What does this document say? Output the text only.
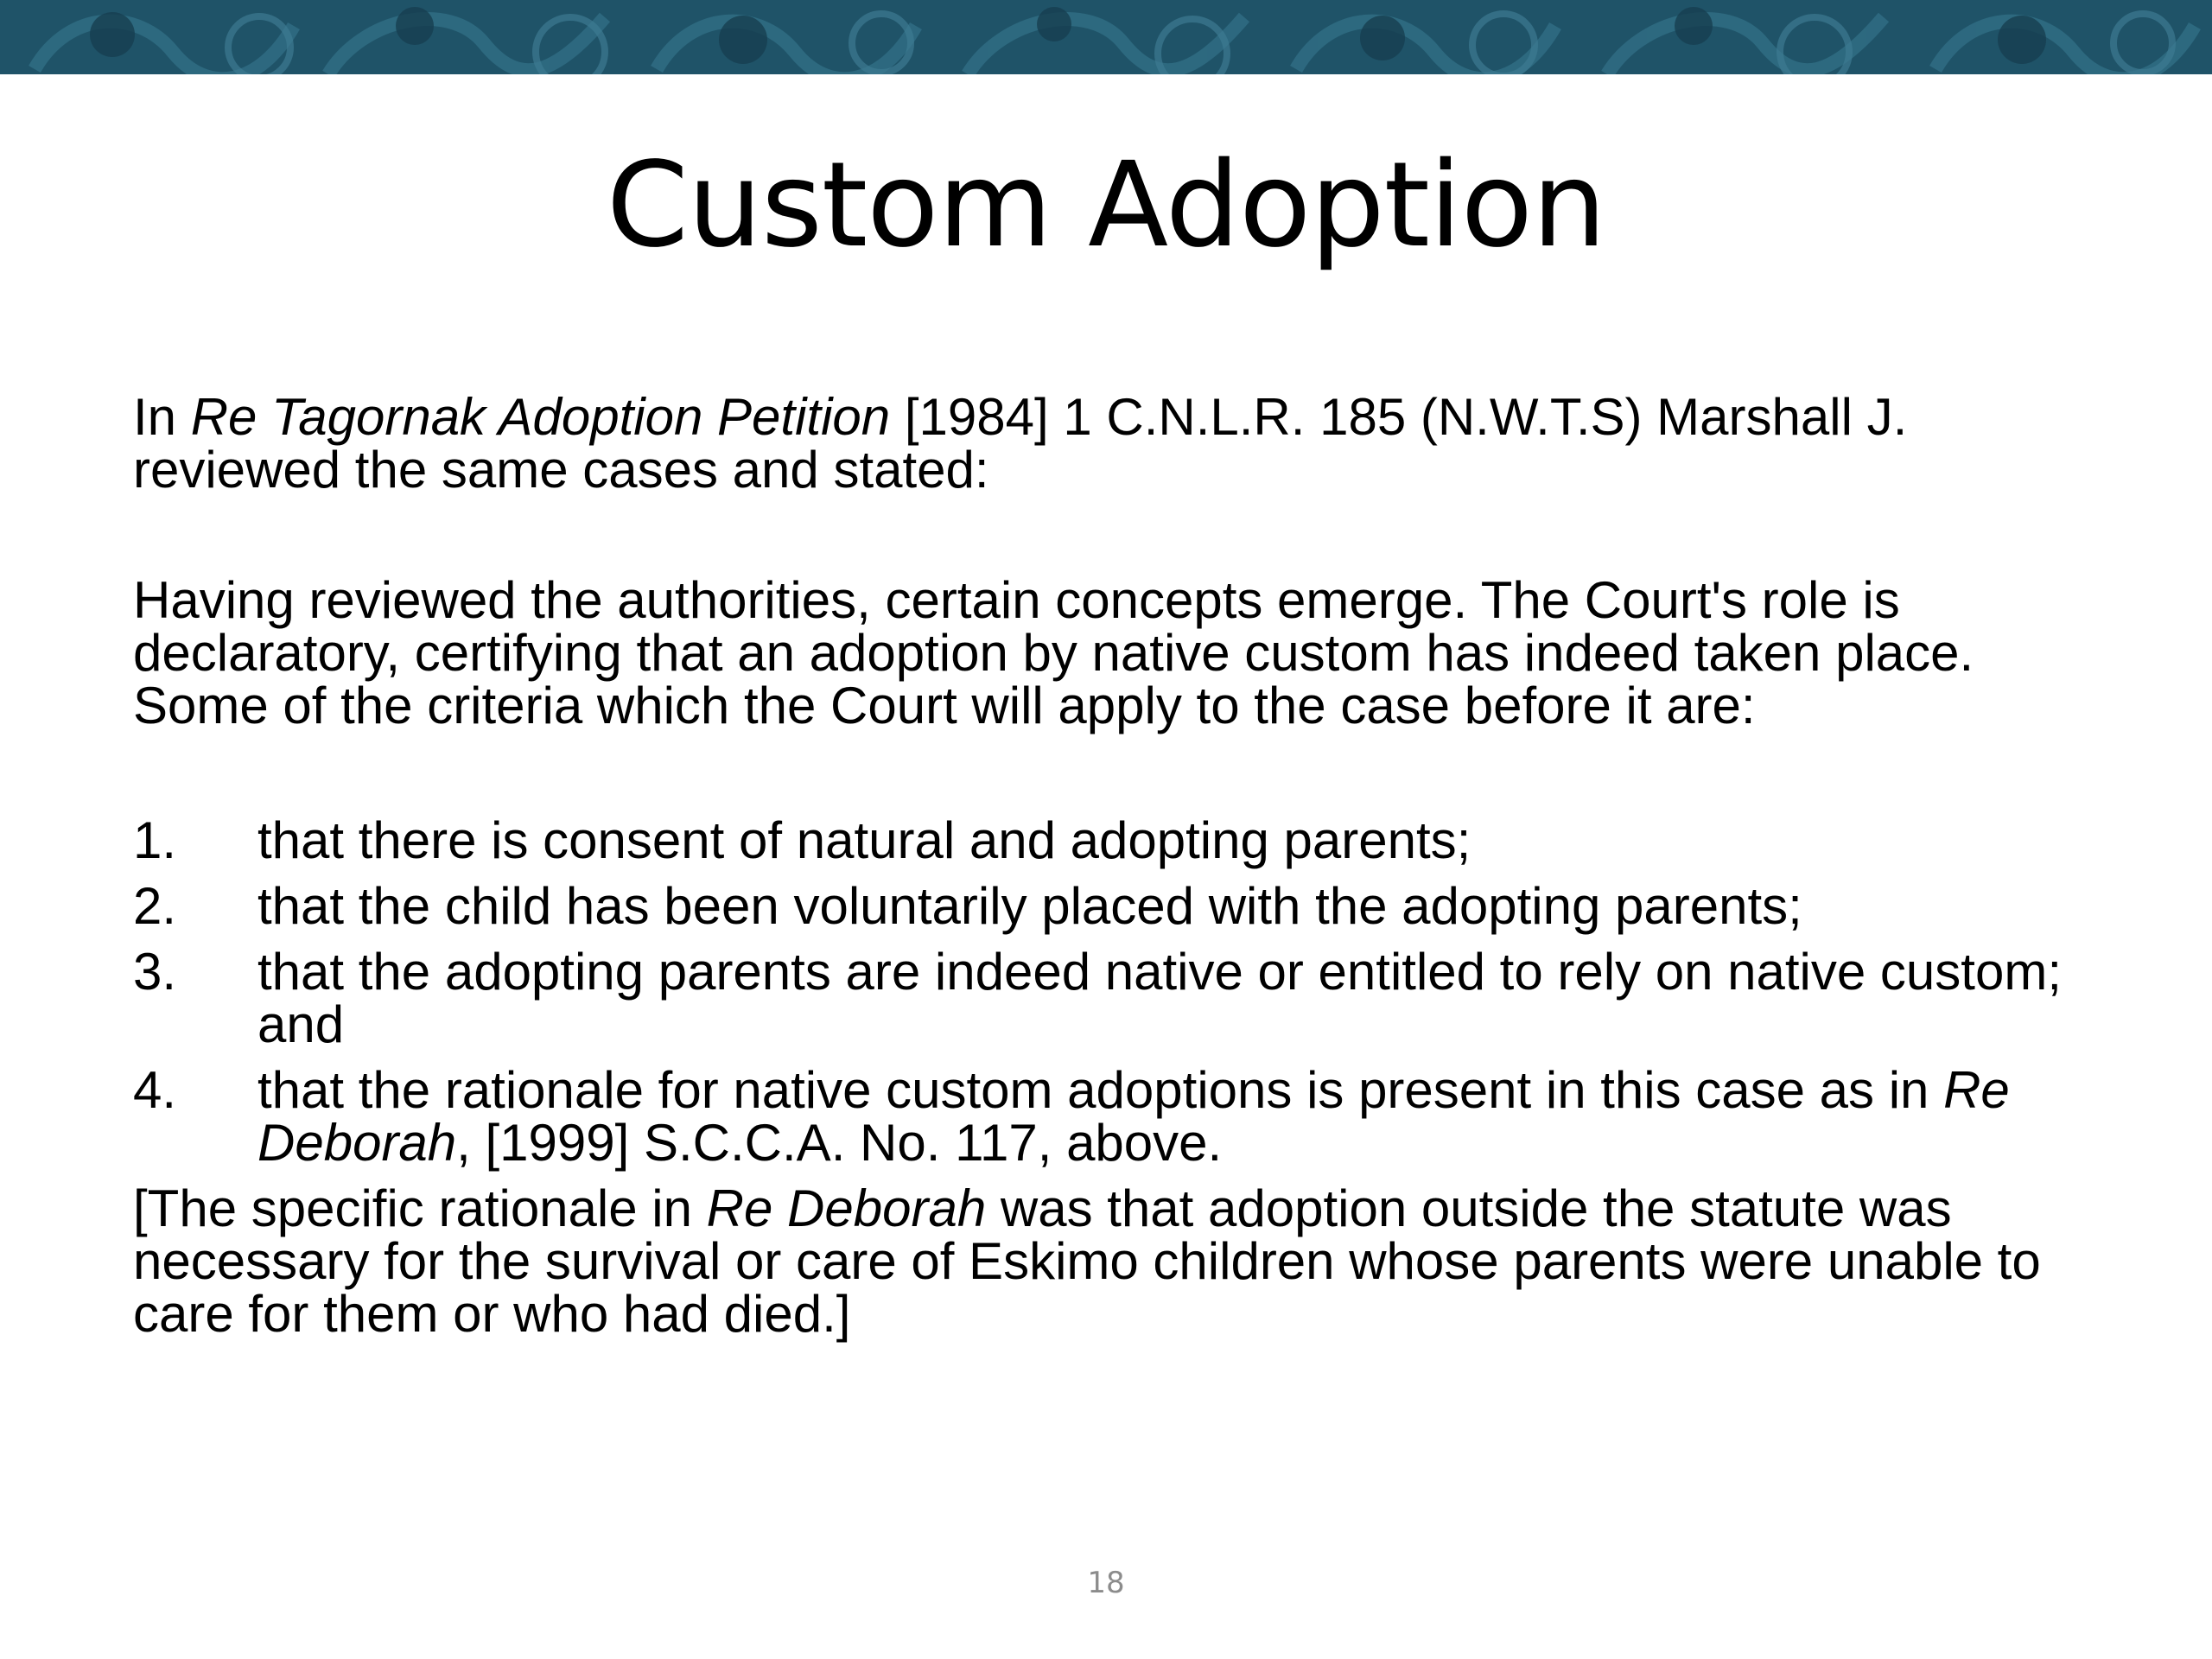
Custom Adoption

In Re Tagornak Adoption Petition [1984] 1 C.N.L.R. 185 (N.W.T.S) Marshall J. reviewed the same cases and stated:

Having reviewed the authorities, certain concepts emerge. The Court's role is declaratory, certifying that an adoption by native custom has indeed taken place. Some of the criteria which the Court will apply to the case before it are:

1. that there is consent of natural and adopting parents;
2. that the child has been voluntarily placed with the adopting parents;
3. that the adopting parents are indeed native or entitled to rely on native custom; and
4. that the rationale for native custom adoptions is present in this case as in Re Deborah, [1999] S.C.C.A. No. 117, above.

[The specific rationale in Re Deborah was that adoption outside the statute was necessary for the survival or care of Eskimo children whose parents were unable to care for them or who had died.]

18
